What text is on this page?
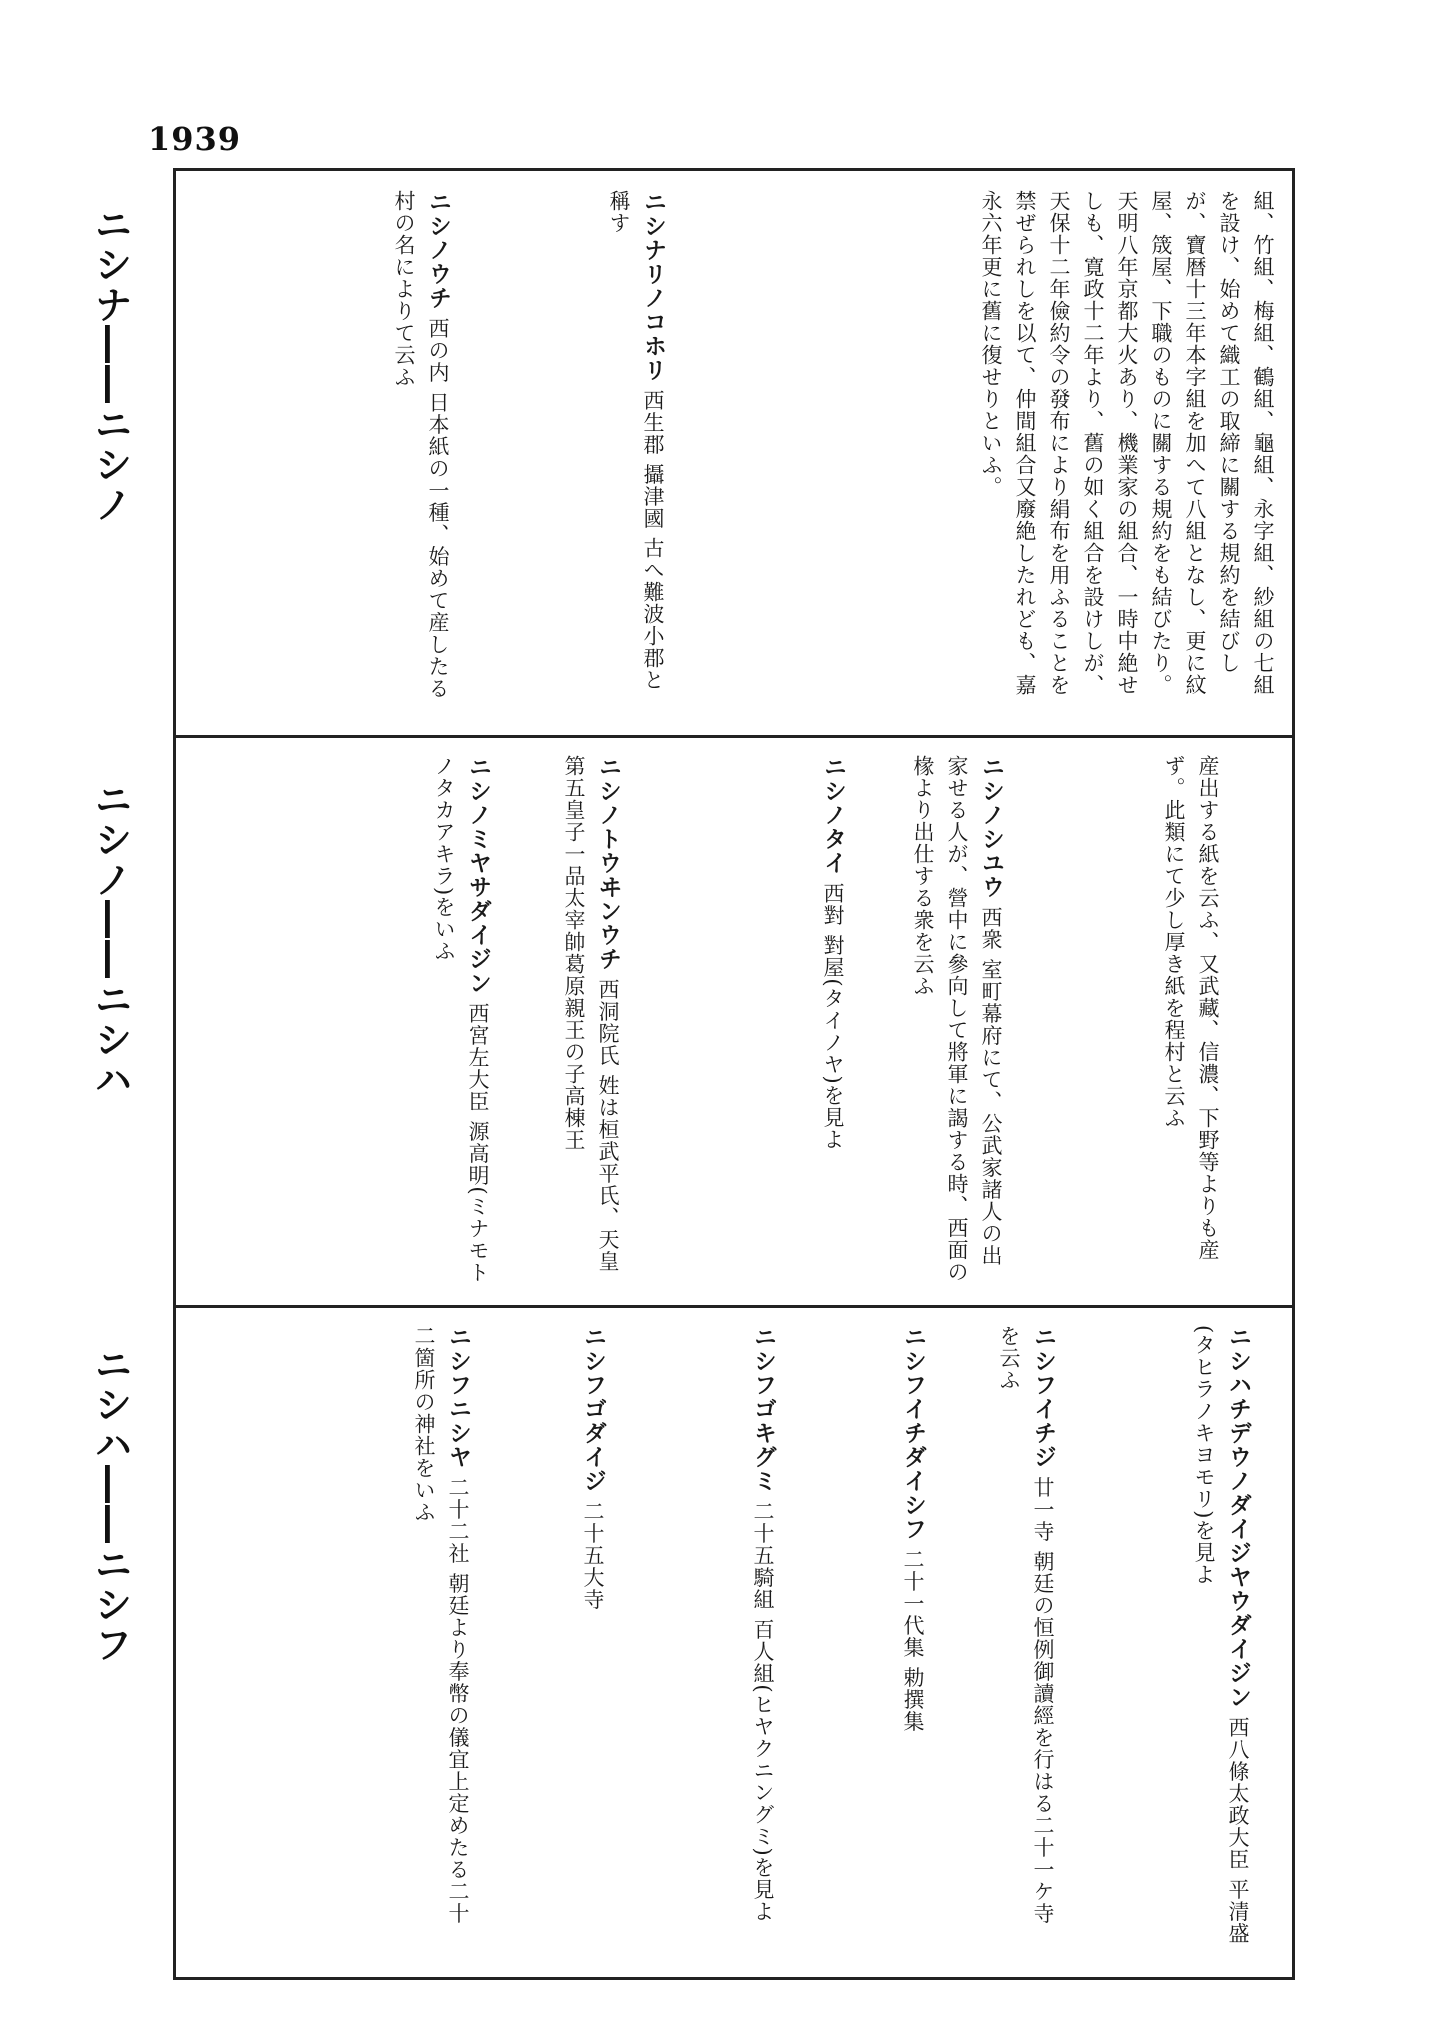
1939
ニシナ――ニシノ
ニシノ――ニシハ
ニシハ――ニシフ
組、竹組、梅組、鶴組、龜組、永字組、紗組の七組を設け、始めて織工の取締に關する規約を結びしが、寶暦十三年本字組を加へて八組となし、更に紋屋、筬屋、下職のものに關する規約をも結びたり。天明八年京都大火あり、機業家の組合、一時中絶せしも、寛政十二年より、舊の如く組合を設けしが、天保十二年儉約令の發布により絹布を用ふることを禁ぜられしを以て、仲間組合又廢絶したれども、嘉永六年更に舊に復せりといふ。
ニシナリノコホリ 西生郡 攝津國 古へ難波小郡と稱す
ニシノウチ 西の内 日本紙の一種、始めて産したる村の名によりて云ふ
産出する紙を云ふ、又武藏、信濃、下野等よりも産ず。此類にて少し厚き紙を程村と云ふ
ニシノシユウ 西衆 室町幕府にて、公武家諸人の出家せる人が、營中に參向して將軍に謁する時、西面の椽より出仕する衆を云ふ
ニシノタイ 西對 對屋(タイノヤ)を見よ
ニシノトウヰンウチ 西洞院氏 姓は桓武平氏、天皇第五皇子一品太宰帥葛原親王の子高棟王
ニシノミヤサダイジン 西宮左大臣 源高明(ミナモトノタカアキラ)をいふ
ニシハチデウノダイジヤウダイジン 西八條太政大臣 平清盛(タヒラノキヨモリ)を見よ
ニシフイチジ 廿一寺 朝廷の恒例御讀經を行はる二十一ケ寺を云ふ
ニシフイチダイシフ 二十一代集 勅撰集
ニシフゴキグミ 二十五騎組 百人組(ヒヤクニングミ)を見よ
ニシフゴダイジ 二十五大寺
ニシフニシヤ 二十二社 朝廷より奉幣の儀宜上定めたる二十二箇所の神社をいふ
